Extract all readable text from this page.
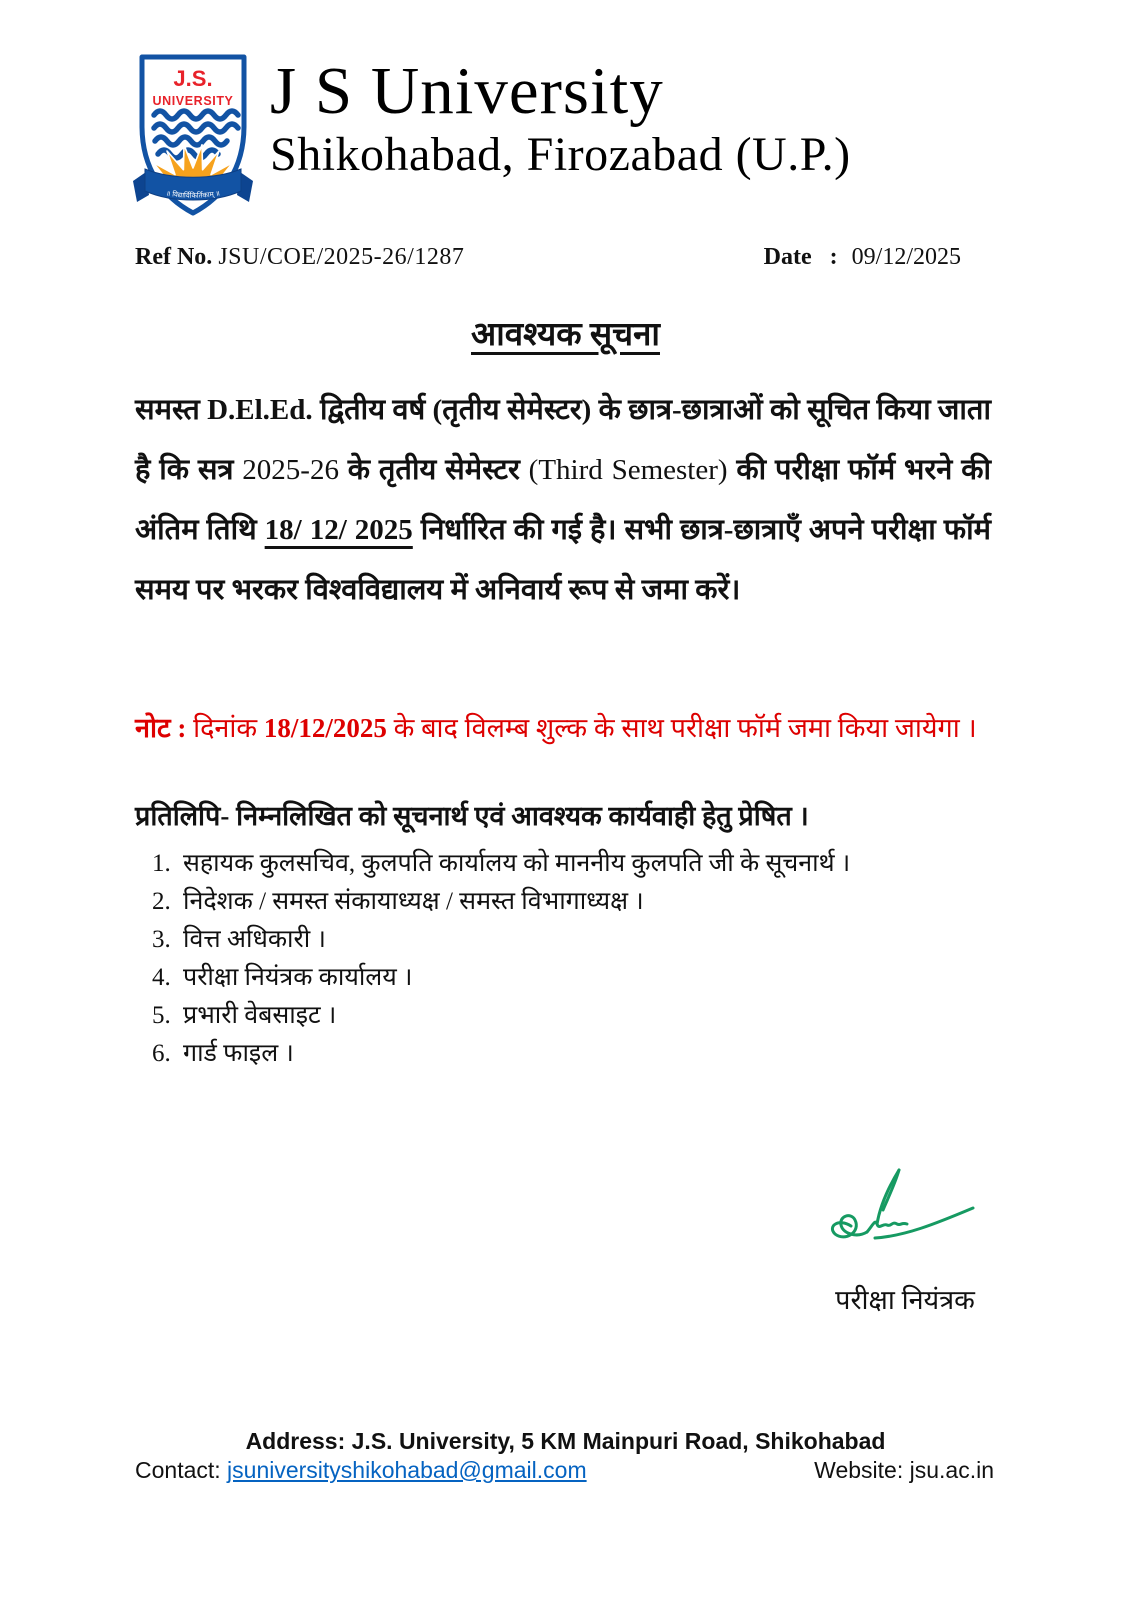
J.S.
UNIVERSITY
॥ विद्यार्विकिर्तिकाम् ॥
J S University
Shikohabad, Firozabad (U.P.)
Ref No. JSU/COE/2025-26/1287	Date : 09/12/2025
आवश्यक सूचना
समस्त D.El.Ed. द्वितीय वर्ष (तृतीय सेमेस्टर) के छात्र-छात्राओं को सूचित किया जाता है कि सत्र 2025-26 के तृतीय सेमेस्टर (Third Semester) की परीक्षा फॉर्म भरने की अंतिम तिथि 18/ 12/ 2025 निर्धारित की गई है। सभी छात्र-छात्राएँ अपने परीक्षा फॉर्म समय पर भरकर विश्वविद्यालय में अनिवार्य रूप से जमा करें।
नोट : दिनांक 18/12/2025 के बाद विलम्ब शुल्क के साथ परीक्षा फॉर्म जमा किया जायेगा ।
प्रतिलिपि- निम्नलिखित को सूचनार्थ एवं आवश्यक कार्यवाही हेतु प्रेषित ।
1. सहायक कुलसचिव, कुलपति कार्यालय को माननीय कुलपति जी के सूचनार्थ ।
2. निदेशक / समस्त संकायाध्यक्ष / समस्त विभागाध्यक्ष ।
3. वित्त अधिकारी ।
4. परीक्षा नियंत्रक कार्यालय ।
5. प्रभारी वेबसाइट ।
6. गार्ड फाइल ।
परीक्षा नियंत्रक
Address: J.S. University, 5 KM Mainpuri Road, Shikohabad
Contact: jsuniversityshikohabad@gmail.com	Website: jsu.ac.in
